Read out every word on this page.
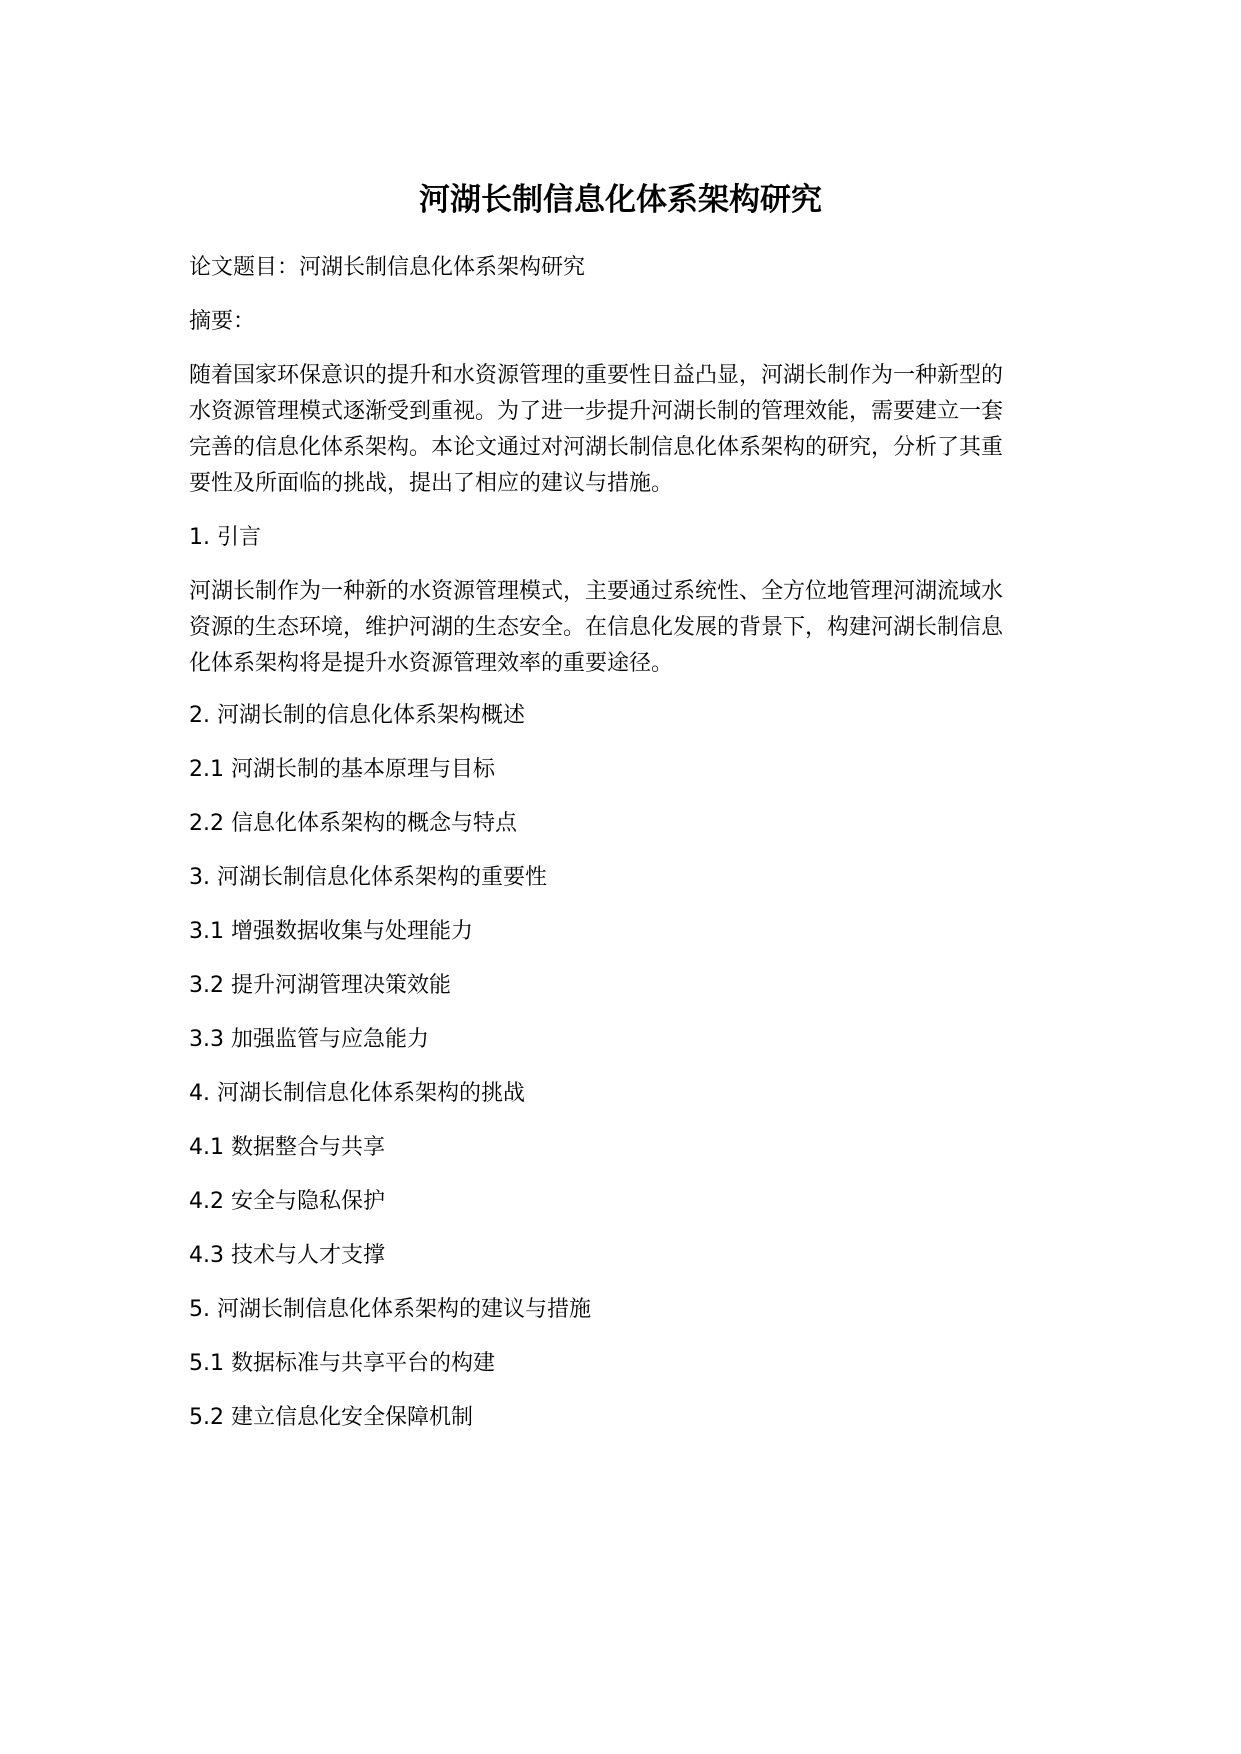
河湖长制信息化体系架构研究
论文题目：河湖长制信息化体系架构研究
摘要：
随着国家环保意识的提升和水资源管理的重要性日益凸显，河湖长制作为一种新型的
水资源管理模式逐渐受到重视。为了进一步提升河湖长制的管理效能，需要建立一套
完善的信息化体系架构。本论文通过对河湖长制信息化体系架构的研究，分析了其重
要性及所面临的挑战，提出了相应的建议与措施。
1. 引言
河湖长制作为一种新的水资源管理模式，主要通过系统性、全方位地管理河湖流域水
资源的生态环境，维护河湖的生态安全。在信息化发展的背景下，构建河湖长制信息
化体系架构将是提升水资源管理效率的重要途径。
2. 河湖长制的信息化体系架构概述
2.1 河湖长制的基本原理与目标
2.2 信息化体系架构的概念与特点
3. 河湖长制信息化体系架构的重要性
3.1 增强数据收集与处理能力
3.2 提升河湖管理决策效能
3.3 加强监管与应急能力
4. 河湖长制信息化体系架构的挑战
4.1 数据整合与共享
4.2 安全与隐私保护
4.3 技术与人才支撑
5. 河湖长制信息化体系架构的建议与措施
5.1 数据标准与共享平台的构建
5.2 建立信息化安全保障机制
